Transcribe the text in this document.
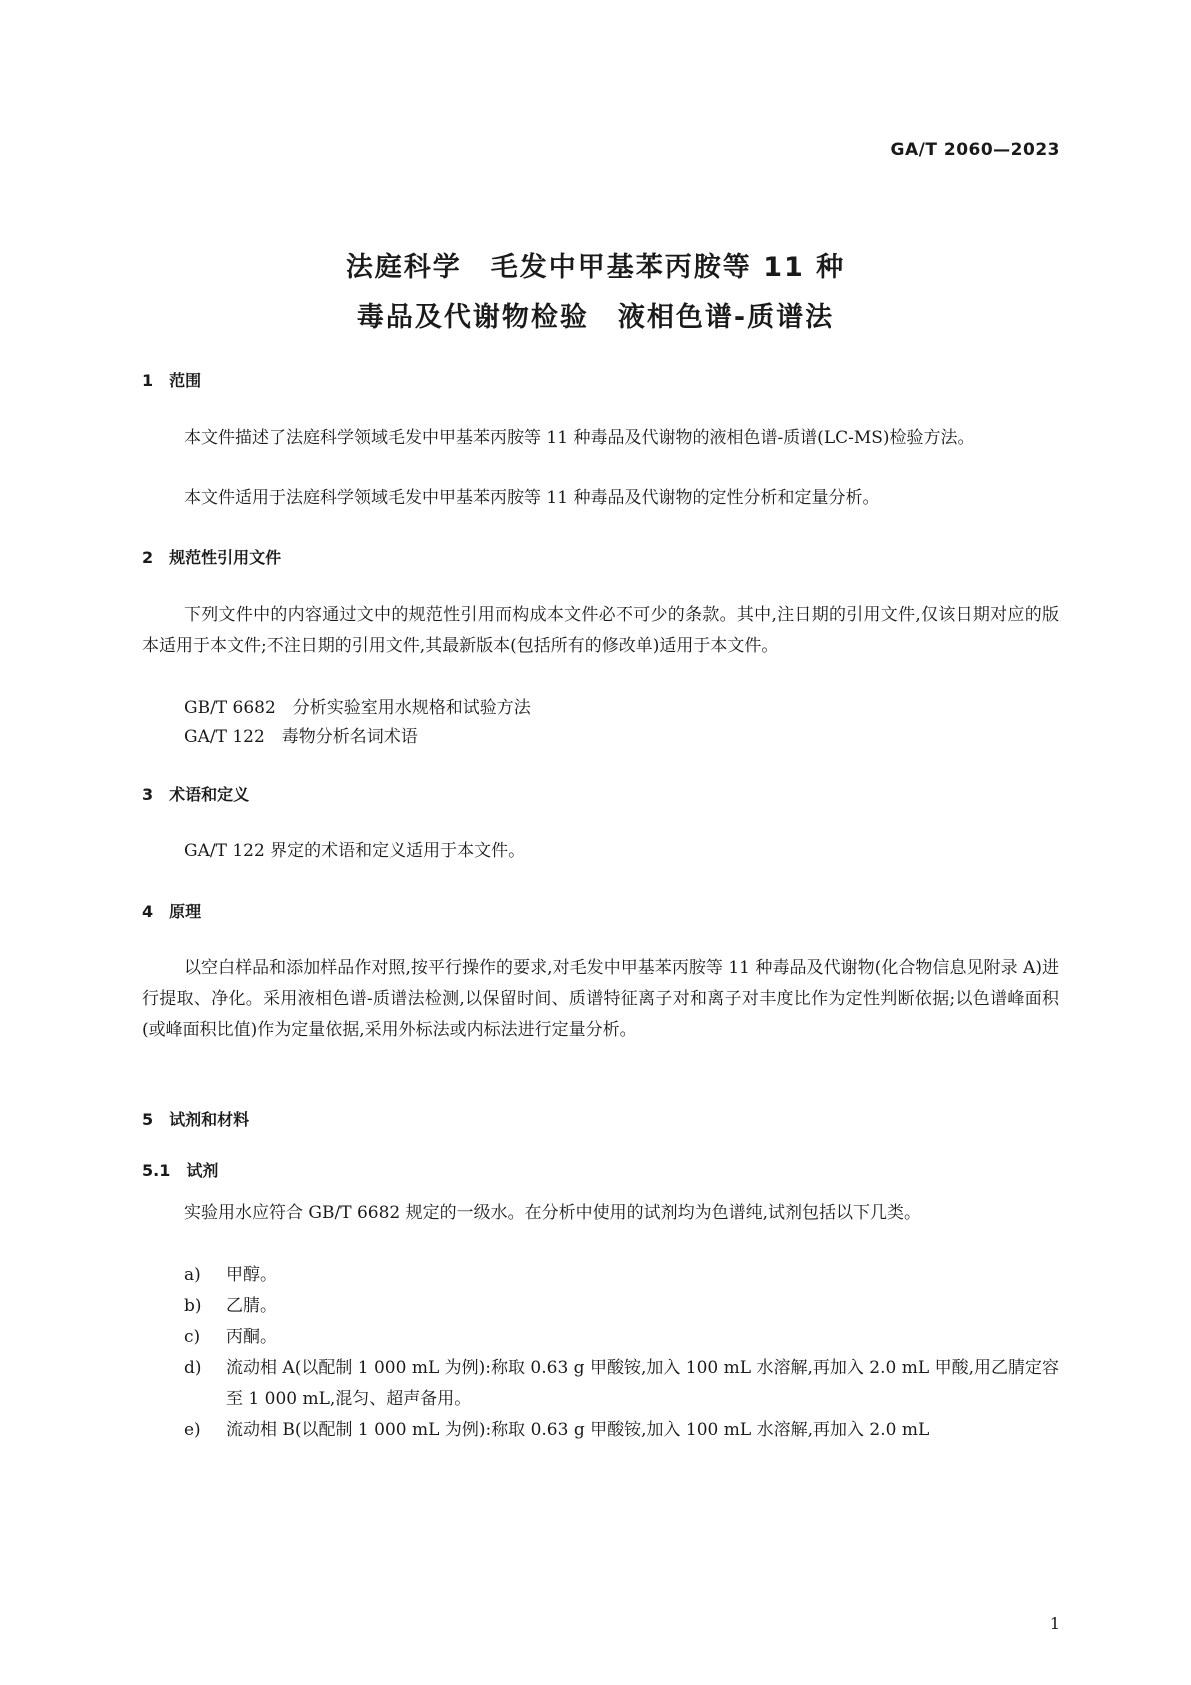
GA/T 2060—2023
法庭科学　毛发中甲基苯丙胺等 11 种
毒品及代谢物检验　液相色谱-质谱法
1　范围

本文件描述了法庭科学领域毛发中甲基苯丙胺等 11 种毒品及代谢物的液相色谱-质谱(LC-MS)检验方法。

本文件适用于法庭科学领域毛发中甲基苯丙胺等 11 种毒品及代谢物的定性分析和定量分析。

2　规范性引用文件

下列文件中的内容通过文中的规范性引用而构成本文件必不可少的条款。其中,注日期的引用文件,仅该日期对应的版本适用于本文件;不注日期的引用文件,其最新版本(包括所有的修改单)适用于本文件。

GB/T 6682　分析实验室用水规格和试验方法
GA/T 122　毒物分析名词术语
3　术语和定义

GA/T 122 界定的术语和定义适用于本文件。

4　原理

以空白样品和添加样品作对照,按平行操作的要求,对毛发中甲基苯丙胺等 11 种毒品及代谢物(化合物信息见附录 A)进行提取、净化。采用液相色谱-质谱法检测,以保留时间、质谱特征离子对和离子对丰度比作为定性判断依据;以色谱峰面积(或峰面积比值)作为定量依据,采用外标法或内标法进行定量分析。

5　试剂和材料
5.1　试剂

实验用水应符合 GB/T 6682 规定的一级水。在分析中使用的试剂均为色谱纯,试剂包括以下几类。

a) 甲醇。
b) 乙腈。
c) 丙酮。
d) 流动相 A(以配制 1 000 mL 为例):称取 0.63 g 甲酸铵,加入 100 mL 水溶解,再加入 2.0 mL 甲酸,用乙腈定容至 1 000 mL,混匀、超声备用。
e) 流动相 B(以配制 1 000 mL 为例):称取 0.63 g 甲酸铵,加入 100 mL 水溶解,再加入 2.0 mL
1
